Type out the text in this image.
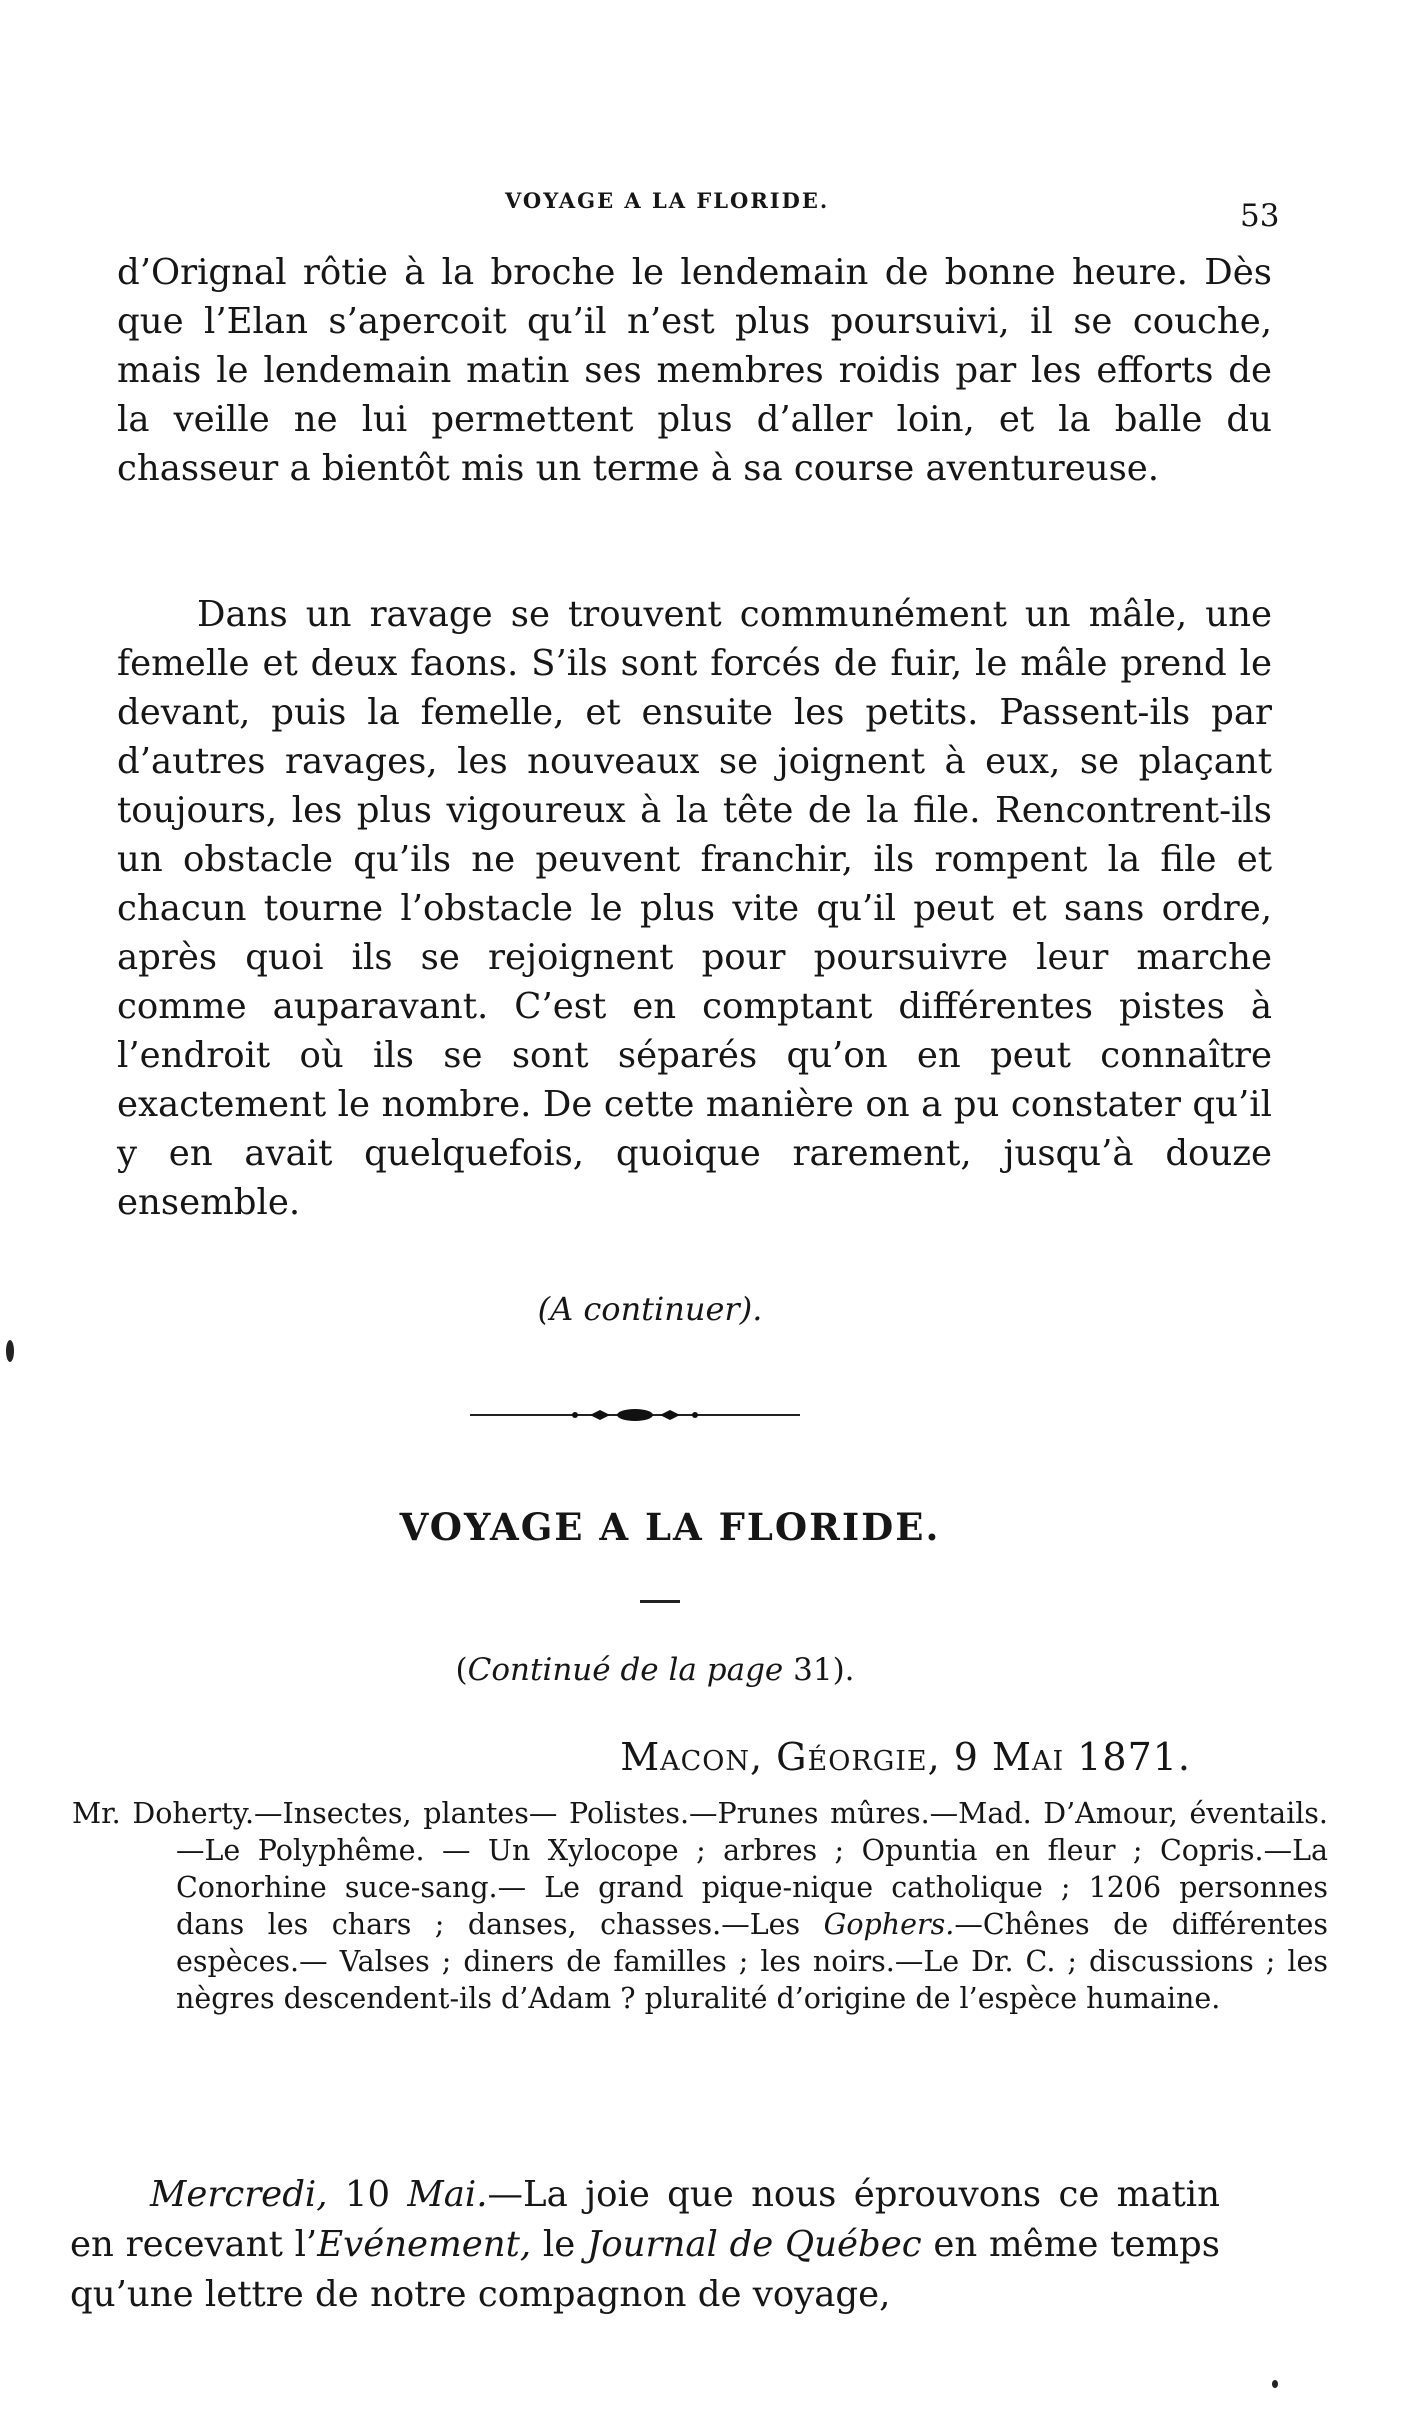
VOYAGE A LA FLORIDE.	53

d’Orignal rôtie à la broche le lendemain de bonne heure. Dès que l’Elan s’apercoit qu’il n’est plus poursuivi, il se couche, mais le lendemain matin ses membres roidis par les efforts de la veille ne lui permettent plus d’aller loin, et la balle du chasseur a bientôt mis un terme à sa course aventureuse.

Dans un ravage se trouvent communément un mâle, une femelle et deux faons. S’ils sont forcés de fuir, le mâle prend le devant, puis la femelle, et ensuite les petits. Passent-ils par d’autres ravages, les nouveaux se joignent à eux, se plaçant toujours, les plus vigoureux à la tête de la file. Rencontrent-ils un obstacle qu’ils ne peuvent franchir, ils rompent la file et chacun tourne l’obstacle le plus vite qu’il peut et sans ordre, après quoi ils se rejoignent pour poursuivre leur marche comme auparavant. C’est en comptant différentes pistes à l’endroit où ils se sont séparés qu’on en peut connaître exactement le nombre. De cette manière on a pu constater qu’il y en avait quelquefois, quoique rarement, jusqu’à douze ensemble.

(A continuer).
VOYAGE A LA FLORIDE.
(Continué de la page 31).
Macon, Géorgie, 9 Mai 1871.

Mr. Doherty.—Insectes, plantes— Polistes.—Prunes mûres.—Mad. D’Amour, éventails.—Le Polyphême. — Un Xylocope ; arbres ; Opuntia en fleur ; Copris.—La Conorhine suce-sang.— Le grand pique-nique catholique ; 1206 personnes dans les chars ; danses, chasses.—Les Gophers.—Chênes de différentes espèces.— Valses ; diners de familles ; les noirs.—Le Dr. C. ; discussions ; les nègres descendent-ils d’Adam ? pluralité d’origine de l’espèce humaine.

Mercredi, 10 Mai.—La joie que nous éprouvons ce matin en recevant l’Evénement, le Journal de Québec en même temps qu’une lettre de notre compagnon de voyage,
